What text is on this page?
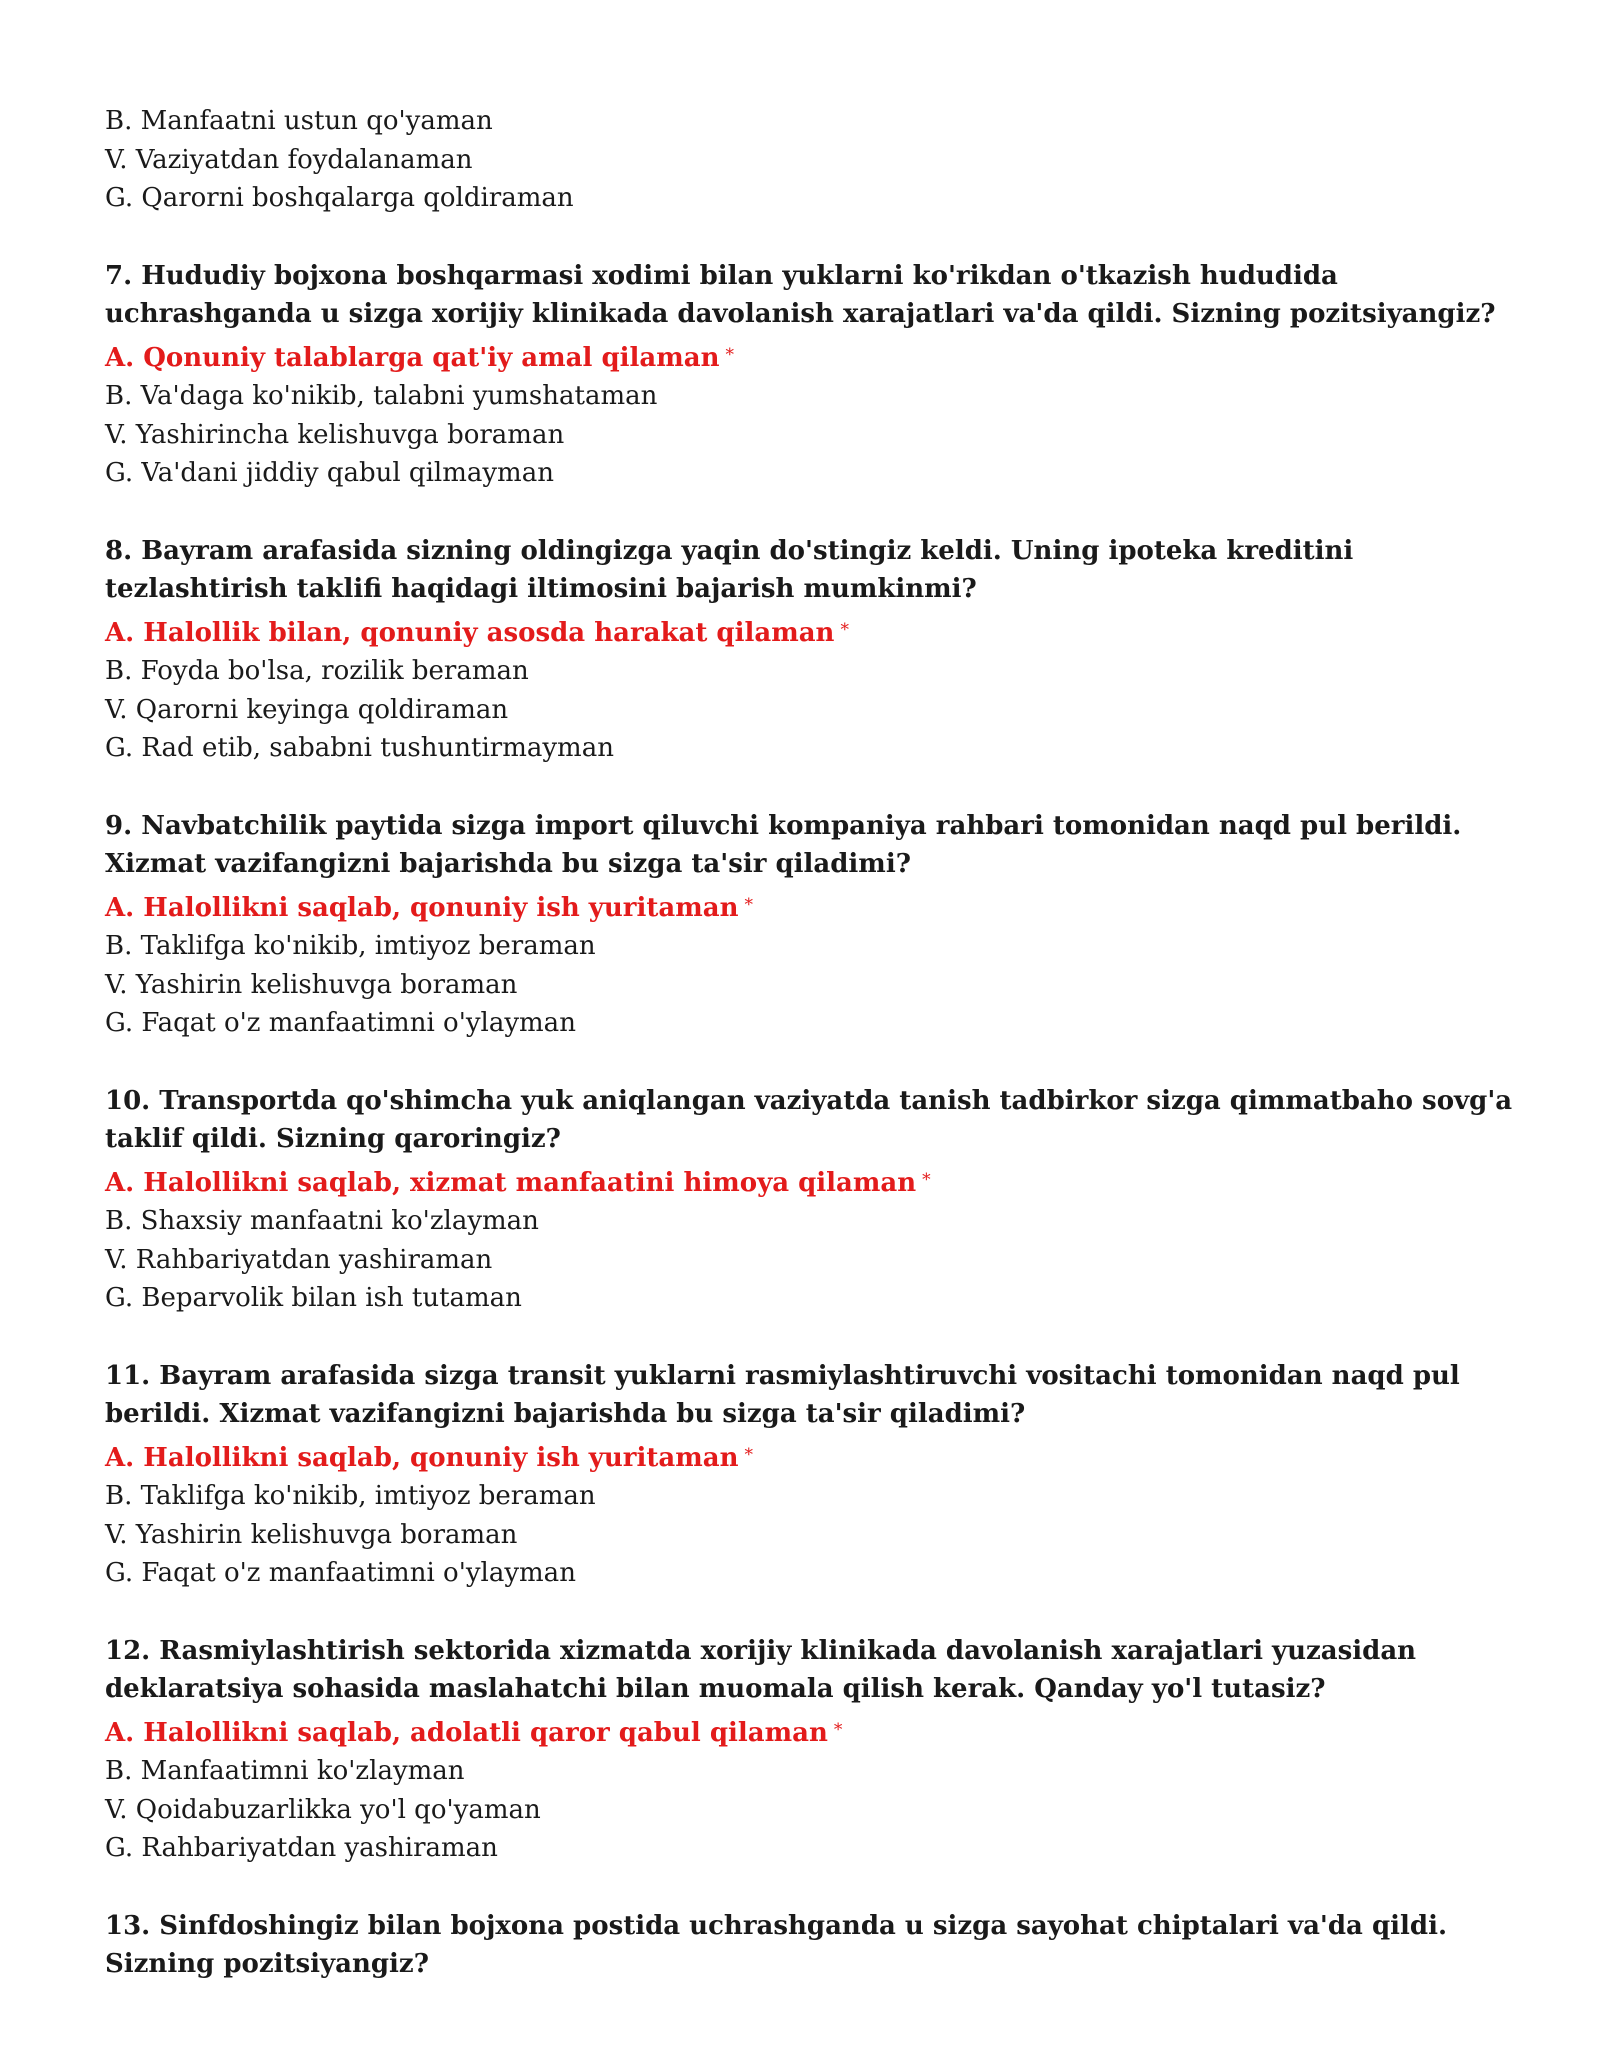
B. Manfaatni ustun qo'yaman
V. Vaziyatdan foydalanaman
G. Qarorni boshqalarga qoldiraman
7. Hududiy bojxona boshqarmasi xodimi bilan yuklarni ko'rikdan o'tkazish hududida uchrashganda u sizga xorijiy klinikada davolanish xarajatlari va'da qildi. Sizning pozitsiyangiz?
A. Qonuniy talablarga qat'iy amal qilaman *
B. Va'daga ko'nikib, talabni yumshataman
V. Yashirincha kelishuvga boraman
G. Va'dani jiddiy qabul qilmayman
8. Bayram arafasida sizning oldingizga yaqin do'stingiz keldi. Uning ipoteka kreditini tezlashtirish taklifi haqidagi iltimosini bajarish mumkinmi?
A. Halollik bilan, qonuniy asosda harakat qilaman *
B. Foyda bo'lsa, rozilik beraman
V. Qarorni keyinga qoldiraman
G. Rad etib, sababni tushuntirmayman
9. Navbatchilik paytida sizga import qiluvchi kompaniya rahbari tomonidan naqd pul berildi. Xizmat vazifangizni bajarishda bu sizga ta'sir qiladimi?
A. Halollikni saqlab, qonuniy ish yuritaman *
B. Taklifga ko'nikib, imtiyoz beraman
V. Yashirin kelishuvga boraman
G. Faqat o'z manfaatimni o'ylayman
10. Transportda qo'shimcha yuk aniqlangan vaziyatda tanish tadbirkor sizga qimmatbaho sovg'a taklif qildi. Sizning qaroringiz?
A. Halollikni saqlab, xizmat manfaatini himoya qilaman *
B. Shaxsiy manfaatni ko'zlayman
V. Rahbariyatdan yashiraman
G. Beparvolik bilan ish tutaman
11. Bayram arafasida sizga transit yuklarni rasmiylashtiruvchi vositachi tomonidan naqd pul berildi. Xizmat vazifangizni bajarishda bu sizga ta'sir qiladimi?
A. Halollikni saqlab, qonuniy ish yuritaman *
B. Taklifga ko'nikib, imtiyoz beraman
V. Yashirin kelishuvga boraman
G. Faqat o'z manfaatimni o'ylayman
12. Rasmiylashtirish sektorida xizmatda xorijiy klinikada davolanish xarajatlari yuzasidan deklaratsiya sohasida maslahatchi bilan muomala qilish kerak. Qanday yo'l tutasiz?
A. Halollikni saqlab, adolatli qaror qabul qilaman *
B. Manfaatimni ko'zlayman
V. Qoidabuzarlikka yo'l qo'yaman
G. Rahbariyatdan yashiraman
13. Sinfdoshingiz bilan bojxona postida uchrashganda u sizga sayohat chiptalari va'da qildi. Sizning pozitsiyangiz?
